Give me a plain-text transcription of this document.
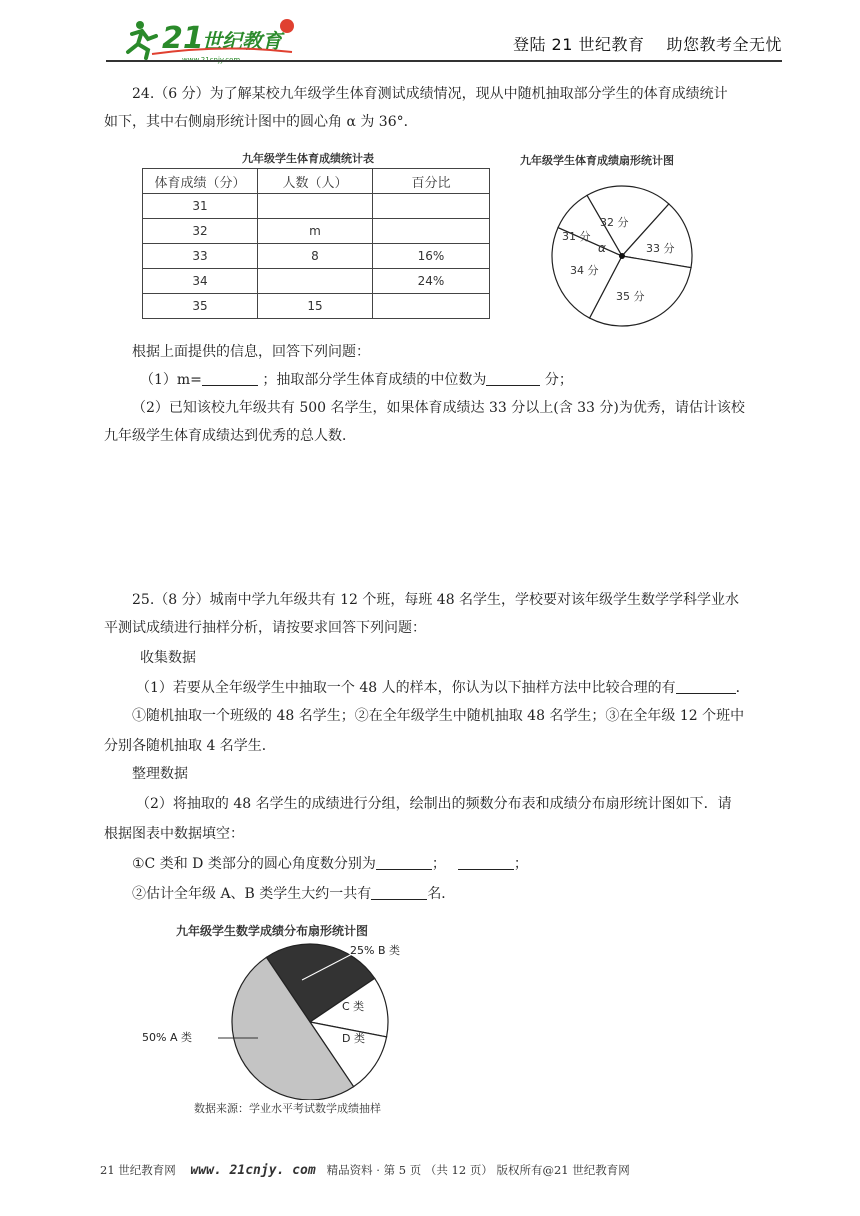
21
世纪教育	登陆 21 世纪教育 助您教考全无忧
24.（6 分）为了解某校九年级学生体育测试成绩情况，现从中随机抽取部分学生的体育成绩统计
如下，其中右侧扇形统计图中的圆心角 α 为 36°．
九年级学生体育成绩统计表
体育成绩（分）	人数（人）	百分比
31		
32	m	
33	8	16%
34		24%
35	15	
九年级学生体育成绩扇形统计图
32 分
33 分
35 分
34 分
31 分
α
根据上面提供的信息，回答下列问题：
（1）m=	；抽取部分学生体育成绩的中位数为	分；
（2）已知该校九年级共有 500 名学生，如果体育成绩达 33 分以上(含 33 分)为优秀，请估计该校
九年级学生体育成绩达到优秀的总人数．
25.（8 分）城南中学九年级共有 12 个班，每班 48 名学生，学校要对该年级学生数学学科学业水
平测试成绩进行抽样分析，请按要求回答下列问题：
收集数据
（1）若要从全年级学生中抽取一个 48 人的样本，你认为以下抽样方法中比较合理的有	．
①随机抽取一个班级的 48 名学生；②在全年级学生中随机抽取 48 名学生；③在全年级 12 个班中
分别各随机抽取 4 名学生．
整理数据
（2）将抽取的 48 名学生的成绩进行分组，绘制出的频数分布表和成绩分布扇形统计图如下．请
根据图表中数据填空：
①C 类和 D 类部分的圆心角度数分别为	；	；
②估计全年级 A、B 类学生大约一共有	名．
九年级学生数学成绩分布扇形统计图
25% B 类
C 类
D 类
50% A 类
数据来源：学业水平考试数学成绩抽样
21 世纪教育网 www. 21cnjy. com 精品资料 · 第 5 页 （共 12 页） 版权所有@21 世纪教育网
